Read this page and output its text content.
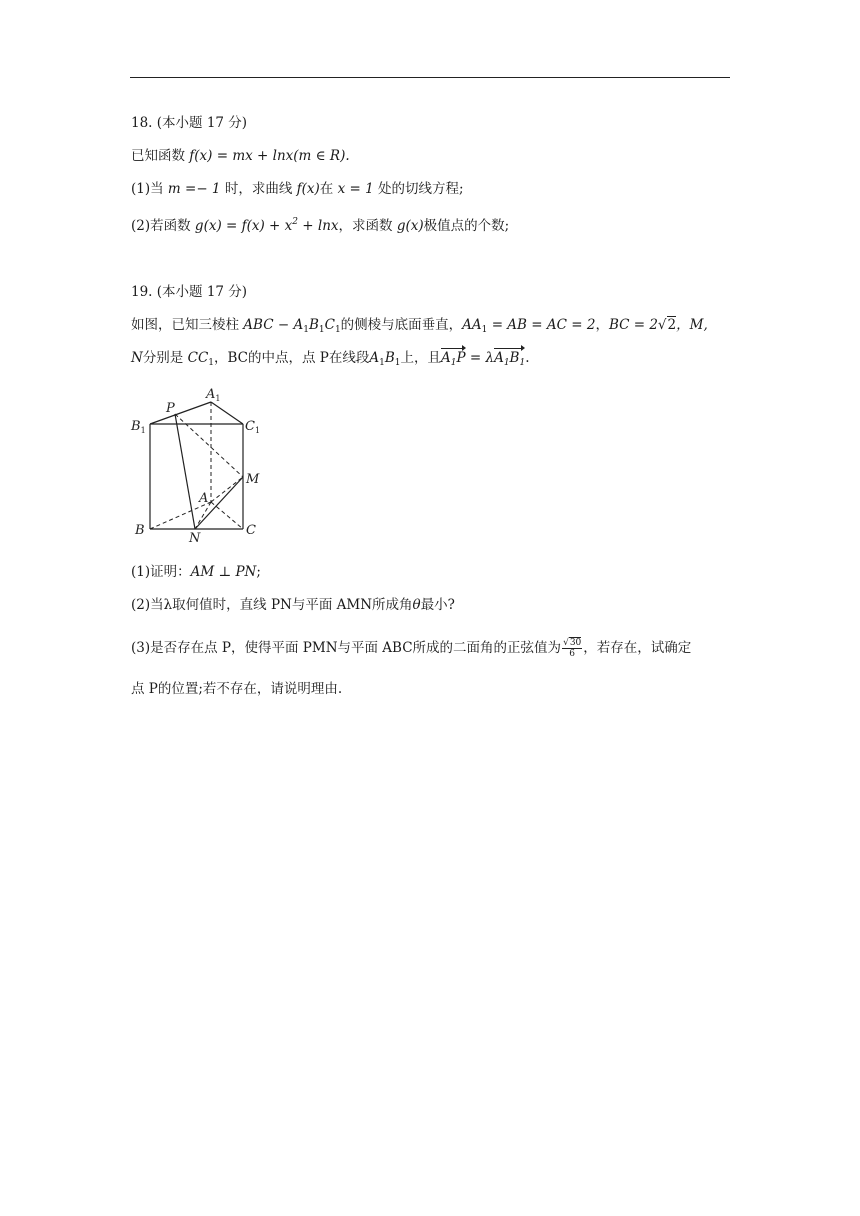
18. (本小题 17 分)
已知函数 f(x) = mx + lnx(m ∈ R).
(1)当 m =− 1 时，求曲线 f(x)在 x = 1 处的切线方程;
(2)若函数 $g(x) = f(x) + x^2 + \ln x$，求函数 g(x)极值点的个数;
19. (本小题 17 分)
如图，已知三棱柱 ABC − $A_1B_1C_1$的侧棱与底面垂直，$AA_1$ = AB = AC = 2，BC = 2√2，M,
N分别是 $CC_1$，BC的中点，点 P在线段$A_1B_1$上，且$A_1P = \lambda A_1B_1$.
$A_1$
$B_1$	$C_1$
P
M
A
B	C
N
(1)证明：AM ⊥ PN;
(2)当λ取何值时，直线 PN与平面 AMN所成角θ最小?
(3)是否存在点 P，使得平面 PMN与平面 ABC所成的二面角的正弦值为 $\frac{√30}{6}$ ，若存在，试确定
点 P的位置;若不存在，请说明理由.
